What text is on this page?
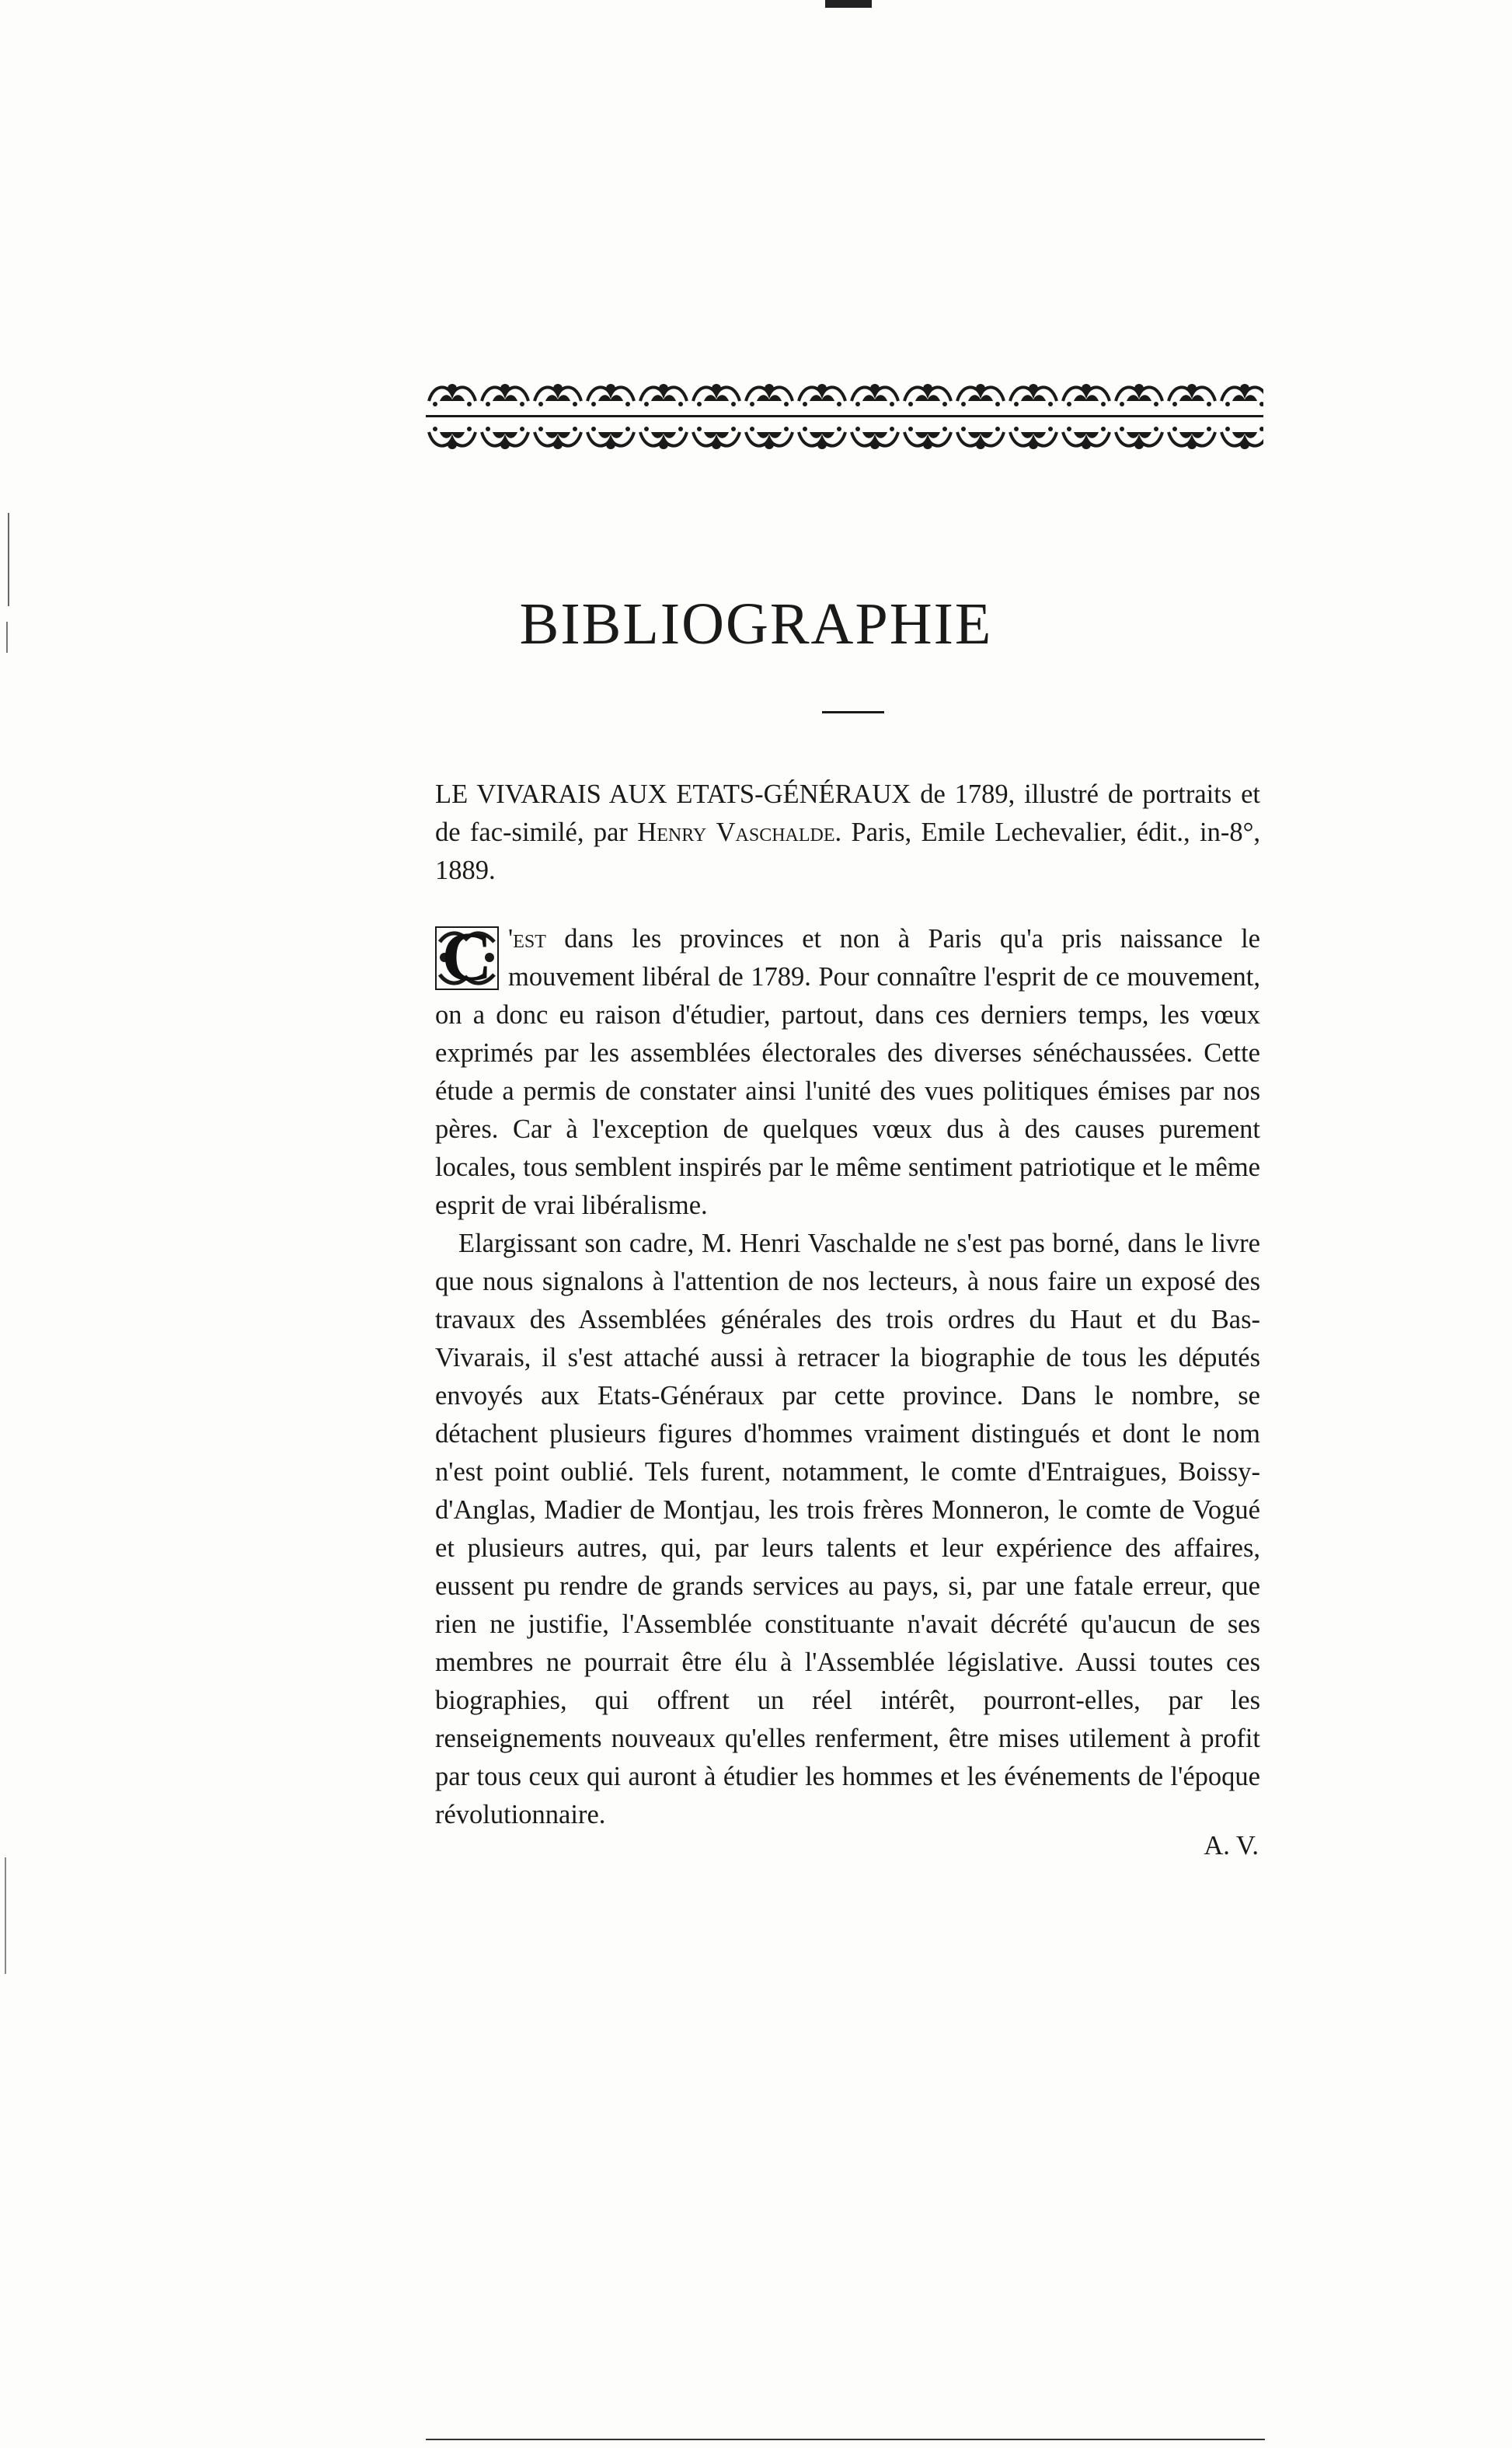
BIBLIOGRAPHIE
LE VIVARAIS AUX ETATS-GÉNÉRAUX de 1789, illustré de portraits et de fac-similé, par Henry Vaschalde. Paris, Emile Lechevalier, édit., in-8°, 1889.

C 'est dans les provinces et non à Paris qu'a pris naissance le mouvement libéral de 1789. Pour connaître l'esprit de ce mouvement, on a donc eu raison d'étudier, partout, dans ces derniers temps, les vœux exprimés par les assemblées électorales des diverses sénéchaussées. Cette étude a permis de constater ainsi l'unité des vues politiques émises par nos pères. Car à l'exception de quelques vœux dus à des causes purement locales, tous semblent inspirés par le même sentiment patriotique et le même esprit de vrai libéralisme.

Elargissant son cadre, M. Henri Vaschalde ne s'est pas borné, dans le livre que nous signalons à l'attention de nos lecteurs, à nous faire un exposé des travaux des Assemblées générales des trois ordres du Haut et du Bas-Vivarais, il s'est attaché aussi à retracer la biographie de tous les députés envoyés aux Etats-Généraux par cette province. Dans le nombre, se détachent plusieurs figures d'hommes vraiment distingués et dont le nom n'est point oublié. Tels furent, notamment, le comte d'Entraigues, Boissy-d'Anglas, Madier de Montjau, les trois frères Monneron, le comte de Vogué et plusieurs autres, qui, par leurs talents et leur expérience des affaires, eussent pu rendre de grands services au pays, si, par une fatale erreur, que rien ne justifie, l'Assemblée constituante n'avait décrété qu'aucun de ses membres ne pourrait être élu à l'Assemblée législative. Aussi toutes ces biographies, qui offrent un réel intérêt, pourront-elles, par les renseignements nouveaux qu'elles renferment, être mises utilement à profit par tous ceux qui auront à étudier les hommes et les événements de l'époque révolutionnaire.

A. V.
